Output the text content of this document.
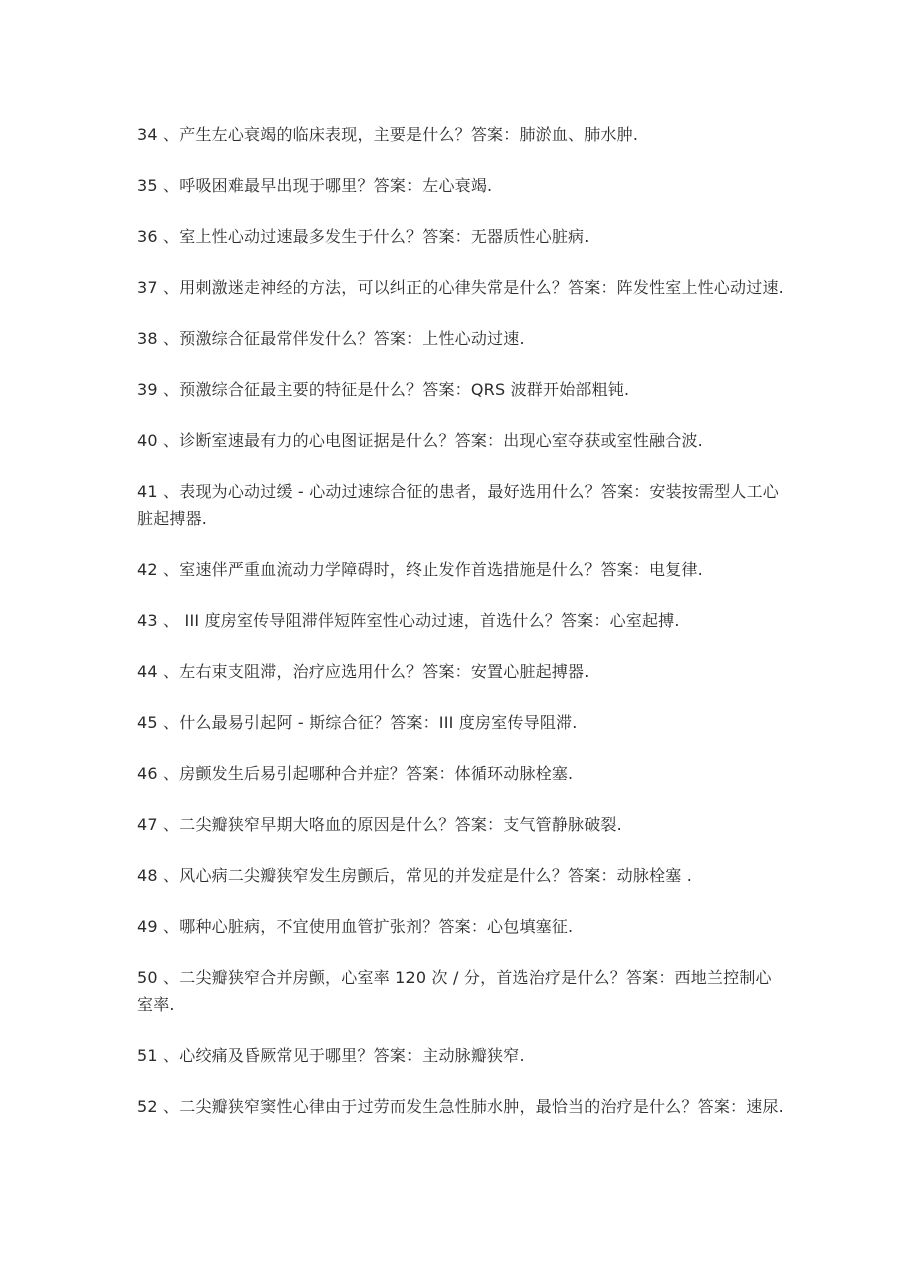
34 、产生左心衰竭的临床表现，主要是什么？答案：肺淤血、肺水肿.

35 、呼吸困难最早出现于哪里？答案：左心衰竭.

36 、室上性心动过速最多发生于什么？答案：无器质性心脏病.

37 、用刺激迷走神经的方法，可以纠正的心律失常是什么？答案：阵发性室上性心动过速.

38 、预激综合征最常伴发什么？答案：上性心动过速.

39 、预激综合征最主要的特征是什么？答案：QRS 波群开始部粗钝.

40 、诊断室速最有力的心电图证据是什么？答案：出现心室夺获或室性融合波.

41 、表现为心动过缓 - 心动过速综合征的患者，最好选用什么？答案：安装按需型人工心脏起搏器.

42 、室速伴严重血流动力学障碍时，终止发作首选措施是什么？答案：电复律.

43 、 III 度房室传导阻滞伴短阵室性心动过速，首选什么？答案：心室起搏.

44 、左右束支阻滞，治疗应选用什么？答案：安置心脏起搏器.

45 、什么最易引起阿 - 斯综合征？答案：III 度房室传导阻滞.

46 、房颤发生后易引起哪种合并症？答案：体循环动脉栓塞.

47 、二尖瓣狭窄早期大咯血的原因是什么？答案：支气管静脉破裂.

48 、风心病二尖瓣狭窄发生房颤后，常见的并发症是什么？答案：动脉栓塞 .

49 、哪种心脏病，不宜使用血管扩张剂？答案：心包填塞征.

50 、二尖瓣狭窄合并房颤，心室率 120 次 / 分，首选治疗是什么？答案：西地兰控制心室率.

51 、心绞痛及昏厥常见于哪里？答案：主动脉瓣狭窄.

52 、二尖瓣狭窄窦性心律由于过劳而发生急性肺水肿，最恰当的治疗是什么？答案：速尿.
